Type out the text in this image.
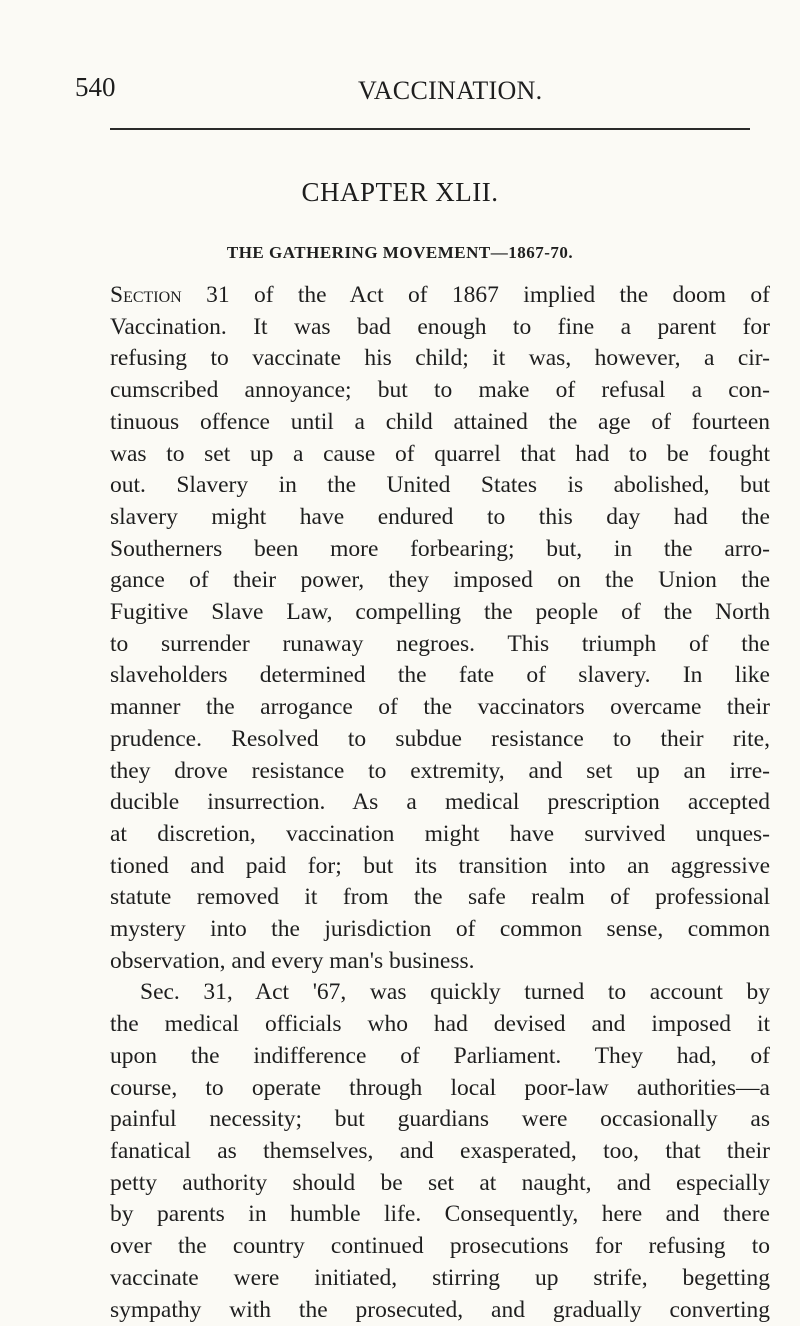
540	VACCINATION.
CHAPTER XLII.
THE GATHERING MOVEMENT—1867-70.
Section 31 of the Act of 1867 implied the doom of
Vaccination. It was bad enough to fine a parent for
refusing to vaccinate his child; it was, however, a cir-
cumscribed annoyance; but to make of refusal a con-
tinuous offence until a child attained the age of fourteen
was to set up a cause of quarrel that had to be fought
out. Slavery in the United States is abolished, but
slavery might have endured to this day had the
Southerners been more forbearing; but, in the arro-
gance of their power, they imposed on the Union the
Fugitive Slave Law, compelling the people of the North
to surrender runaway negroes. This triumph of the
slaveholders determined the fate of slavery. In like
manner the arrogance of the vaccinators overcame their
prudence. Resolved to subdue resistance to their rite,
they drove resistance to extremity, and set up an irre-
ducible insurrection. As a medical prescription accepted
at discretion, vaccination might have survived unques-
tioned and paid for; but its transition into an aggressive
statute removed it from the safe realm of professional
mystery into the jurisdiction of common sense, common
observation, and every man's business.
Sec. 31, Act '67, was quickly turned to account by
the medical officials who had devised and imposed it
upon the indifference of Parliament. They had, of
course, to operate through local poor-law authorities—a
painful necessity; but guardians were occasionally as
fanatical as themselves, and exasperated, too, that their
petty authority should be set at naught, and especially
by parents in humble life. Consequently, here and there
over the country continued prosecutions for refusing to
vaccinate were initiated, stirring up strife, begetting
sympathy with the prosecuted, and gradually converting
